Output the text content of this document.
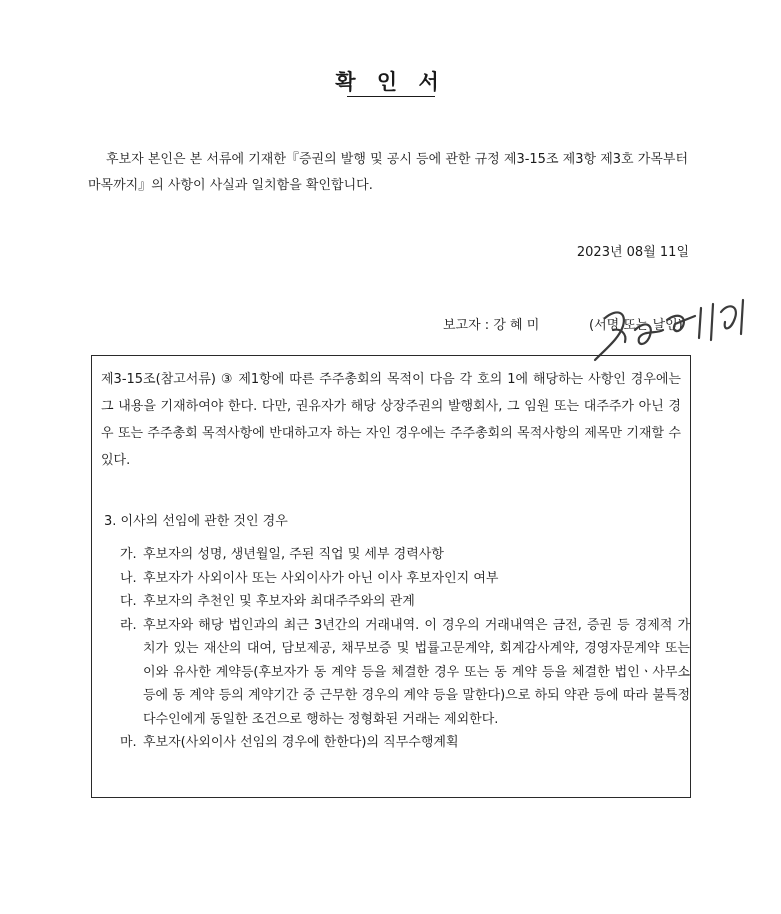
확 인 서
후보자 본인은 본 서류에 기재한『증권의 발행 및 공시 등에 관한 규정 제3-15조 제3항 제3호 가목부터 마목까지』의 사항이 사실과 일치함을 확인합니다.
2023년 08월 11일
보고자 : 강 혜 미	(서명 또는 날인)
제3-15조(참고서류) ③ 제1항에 따른 주주총회의 목적이 다음 각 호의 1에 해당하는 사항인 경우에는 그 내용을 기재하여야 한다. 다만, 권유자가 해당 상장주권의 발행회사, 그 임원 또는 대주주가 아닌 경우 또는 주주총회 목적사항에 반대하고자 하는 자인 경우에는 주주총회의 목적사항의 제목만 기재할 수 있다.
3. 이사의 선임에 관한 것인 경우
가. 후보자의 성명, 생년월일, 주된 직업 및 세부 경력사항
나. 후보자가 사외이사 또는 사외이사가 아닌 이사 후보자인지 여부
다. 후보자의 추천인 및 후보자와 최대주주와의 관계
라. 후보자와 해당 법인과의 최근 3년간의 거래내역. 이 경우의 거래내역은 금전, 증권 등 경제적 가치가 있는 재산의 대여, 담보제공, 채무보증 및 법률고문계약, 회계감사계약, 경영자문계약 또는 이와 유사한 계약등(후보자가 동 계약 등을 체결한 경우 또는 동 계약 등을 체결한 법인ㆍ사무소 등에 동 계약 등의 계약기간 중 근무한 경우의 계약 등을 말한다)으로 하되 약관 등에 따라 불특정다수인에게 동일한 조건으로 행하는 정형화된 거래는 제외한다.
마. 후보자(사외이사 선임의 경우에 한한다)의 직무수행계획
